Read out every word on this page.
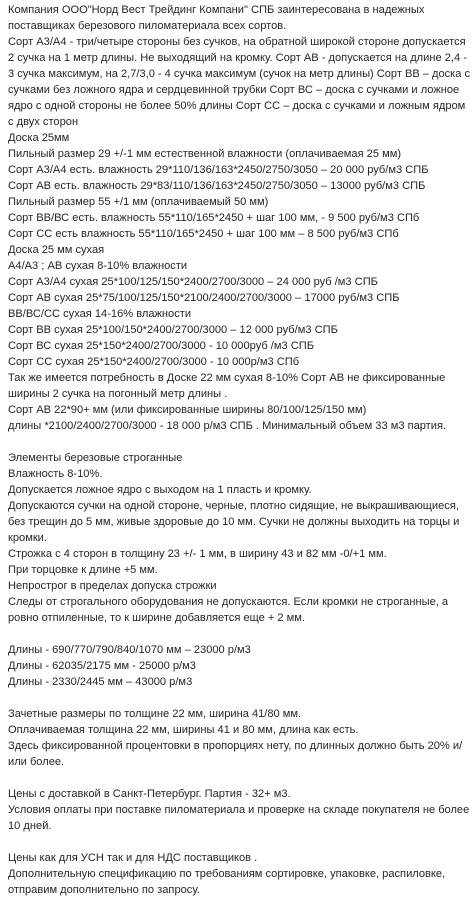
Компания ООО"Норд Вест Трейдинг Компани" СПБ заинтересована в надежных
поставщиках березового пиломатериала всех сортов.
Сорт А3/А4 - три/четыре стороны без сучков, на обратной широкой стороне допускается
2 сучка на 1 метр длины. Не выходящий на кромку. Сорт АВ - допускается на длине 2,4 -
3 сучка максимум, на 2,7/3,0 - 4 сучка максимум (сучок на метр длины) Сорт ВВ – доска с
сучками без ложного ядра и сердцевинной трубки Сорт ВС – доска с сучками и ложное
ядро с одной стороны не более 50% длины Сорт СС – доска с сучками и ложным ядром
с двух сторон
Доска 25мм
Пильный размер 29 +/-1 мм естественной влажности (оплачиваемая 25 мм)
Сорт А3/А4 есть. влажность 29*110/136/163*2450/2750/3050 – 20 000 руб/м3 СПБ
Сорт АВ есть. влажность 29*83/110/136/163*2450/2750/3050 – 13000 руб/м3 СПБ
Пильный размер 55 +/1 мм (оплачиваемый 50 мм)
Сорт ВВ/ВС есть. влажность 55*110/165*2450 + шаг 100 мм, - 9 500 руб/м3 СПб
Сорт СС есть влажность 55*110/165*2450 + шаг 100 мм – 8 500 руб/м3 СПб
Доска 25 мм сухая
А4/А3 ; АВ сухая 8-10% влажности
Сорт А3/А4 сухая 25*100/125/150*2400/2700/3000 – 24 000 руб /м3 СПБ
Сорт АВ сухая 25*75/100/125/150*2100/2400/2700/3000 – 17000 руб/м3 СПБ
ВВ/ВС/СС сухая 14-16% влажности
Сорт ВВ сухая 25*100/150*2400/2700/3000 – 12 000 руб/м3 СПБ
Сорт ВС сухая 25*150*2400/2700/3000 - 10 000руб /м3 СПБ
Сорт СС сухая 25*150*2400/2700/3000 - 10 000р/м3 СПб
Так же имеется потребность в Доске 22 мм сухая 8-10% Сорт АВ не фиксированные
ширины 2 сучка на погонный метр длины .
Сорт АВ 22*90+ мм (или фиксированные ширины 80/100/125/150 мм)
длины *2100/2400/2700/3000 - 18 000 р/м3 СПБ . Минимальный объем 33 м3 партия.
Элементы березовые строганные
Влажность 8-10%.
Допускается ложное ядро с выходом на 1 пласть и кромку.
Допускаются сучки на одной стороне, черные, плотно сидящие, не выкрашивающиеся,
без трещин до 5 мм, живые здоровые до 10 мм. Сучки не должны выходить на торцы и
кромки.
Строжка с 4 сторон в толщину 23 +/- 1 мм, в ширину 43 и 82 мм -0/+1 мм.
При торцовке к длине +5 мм.
Непрострог в пределах допуска строжки
Следы от строгального оборудования не допускаются. Если кромки не строганные, а
ровно отпиленные, то к ширине добавляется еще + 2 мм.
Длины - 690/770/790/840/1070 мм – 23000 р/м3
Длины - 62035/2175 мм - 25000 р/м3
Длины - 2330/2445 мм – 43000 р/м3
Зачетные размеры по толщине 22 мм, ширина 41/80 мм.
Оплачиваемая толщина 22 мм, ширины 41 и 80 мм, длина как есть.
Здесь фиксированной процентовки в пропорциях нету, по длинных должно быть 20% и/
или более.
Цены с доставкой в Санкт-Петербург. Партия - 32+ м3.
Условия оплаты при поставке пиломатериала и проверке на складе покупателя не более
10 дней.
Цены как для УСН так и для НДС поставщиков .
Дополнительную спецификацию по требованиям сортировке, упаковке, распиловке,
отправим дополнительно по запросу.
